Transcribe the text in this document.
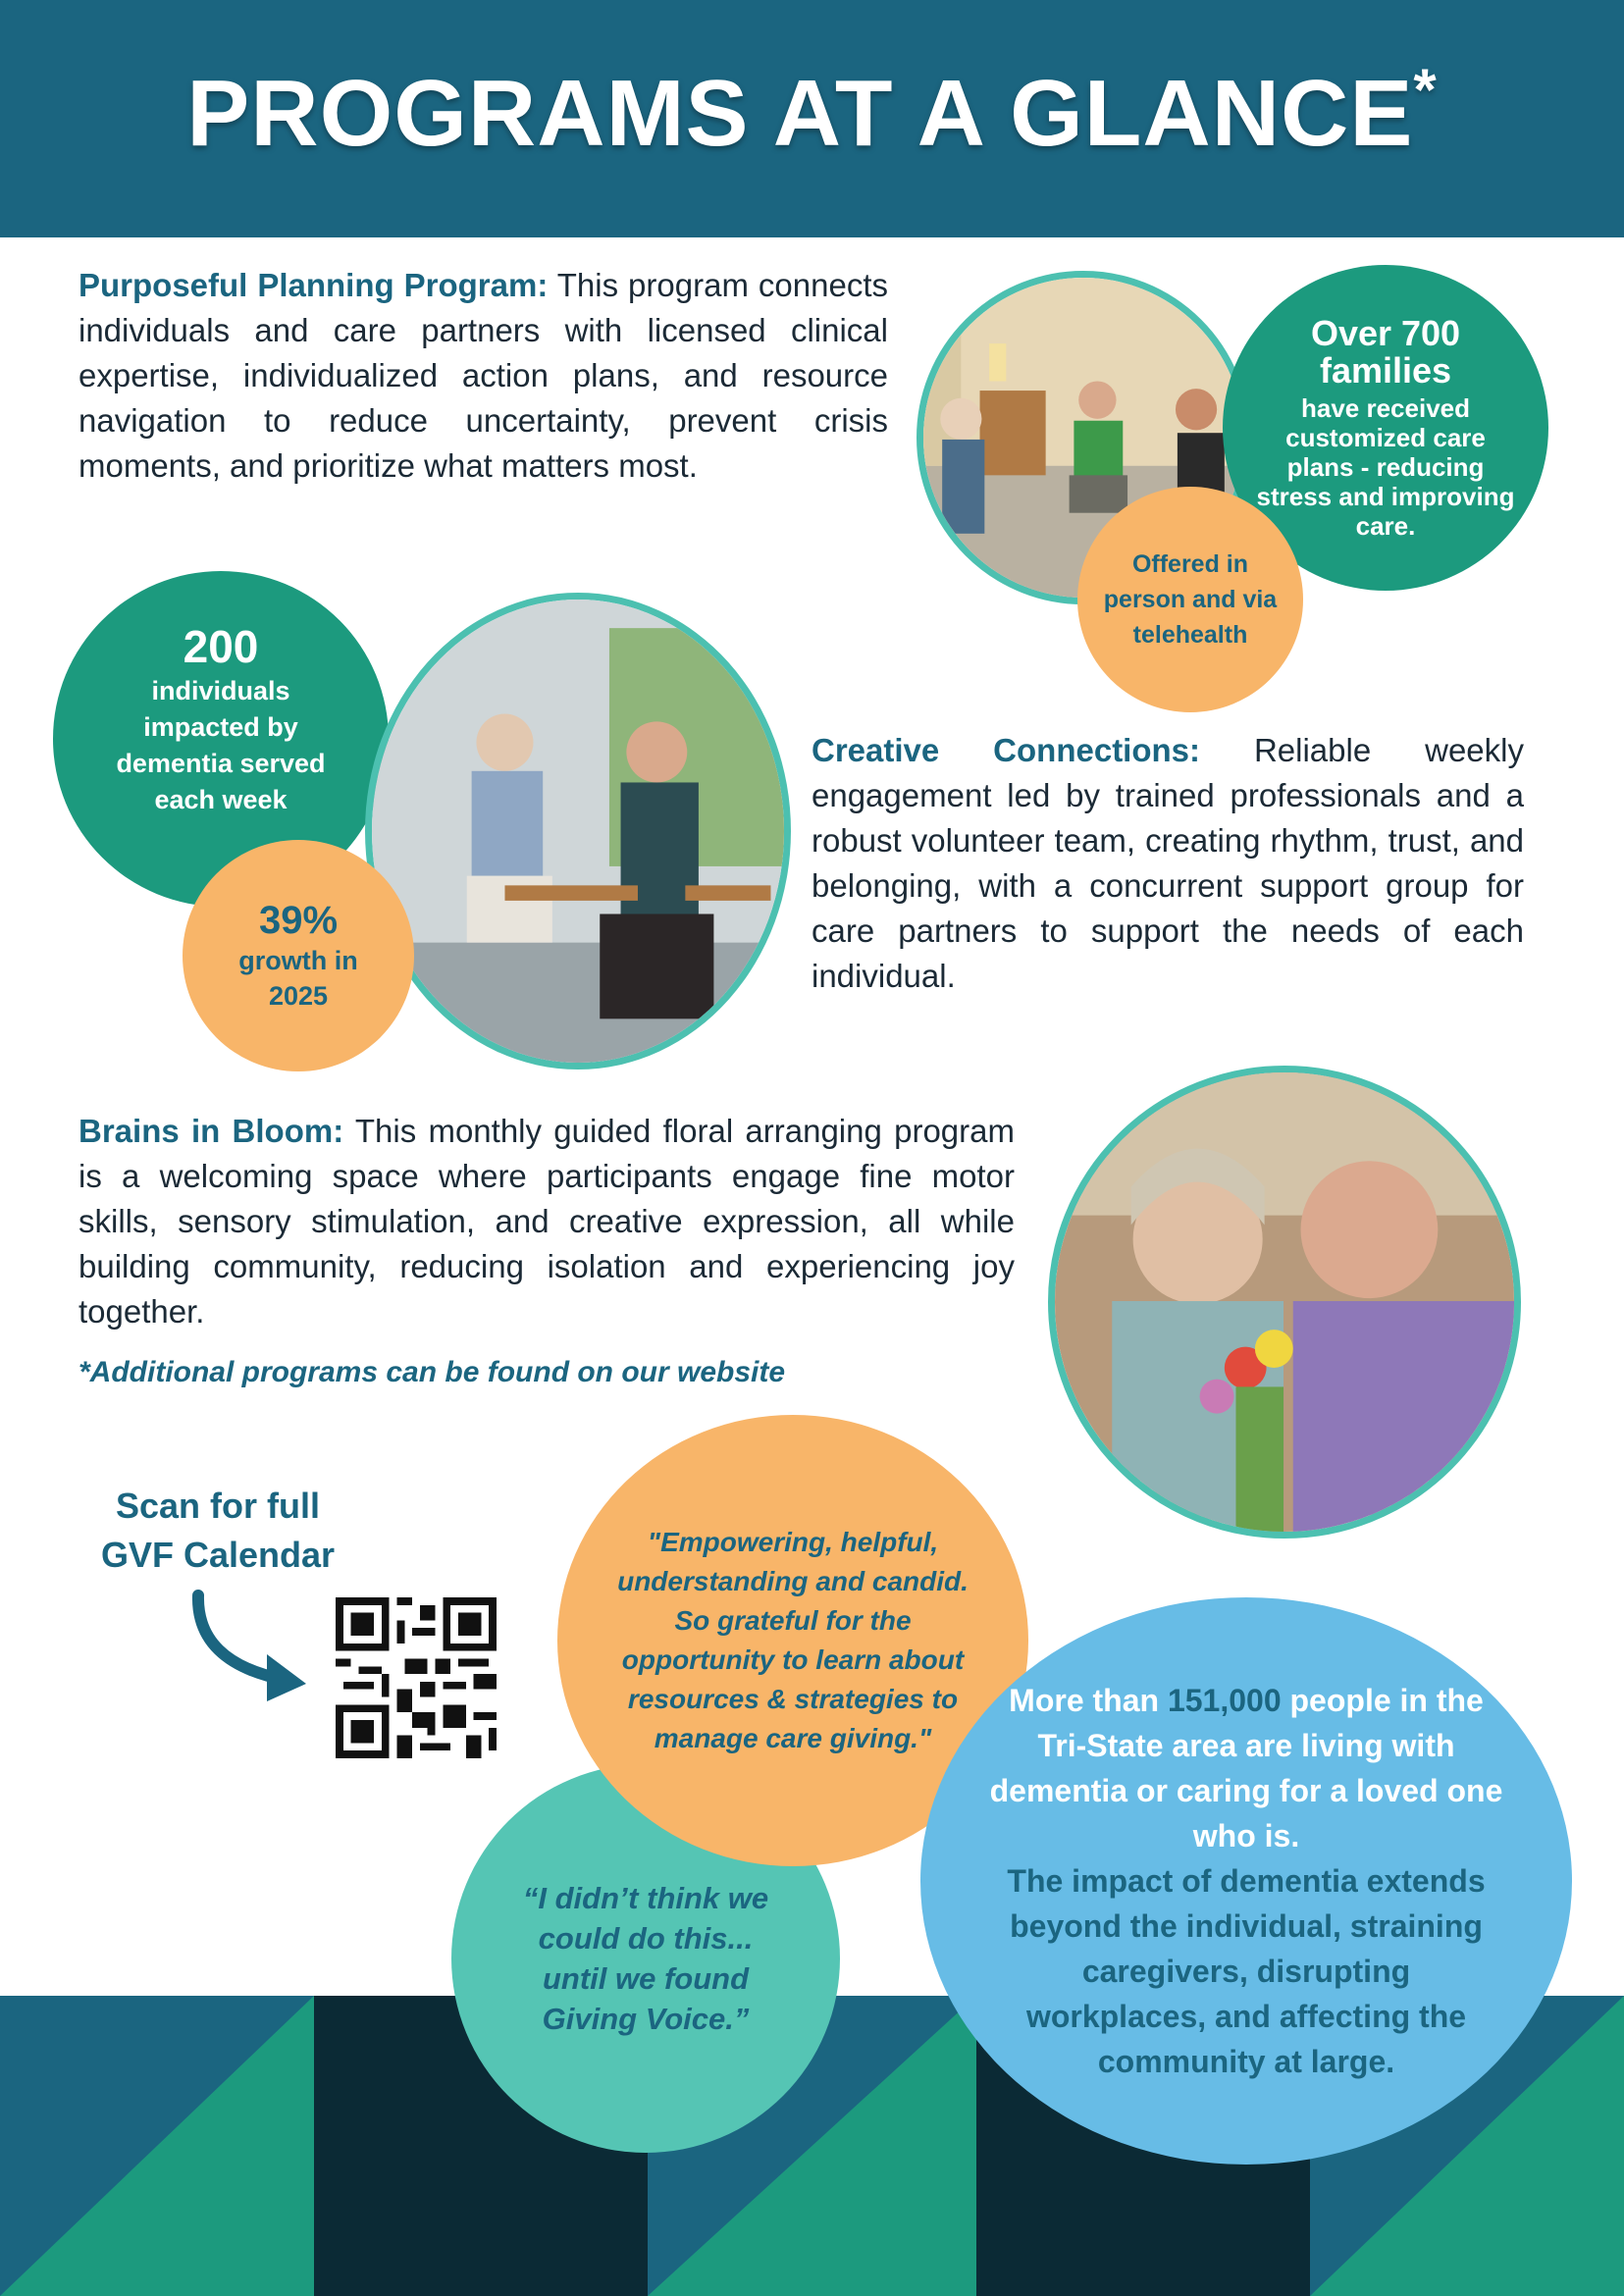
PROGRAMS AT A GLANCE*

Purposeful Planning Program: This program connects individuals and care partners with licensed clinical expertise, individualized action plans, and resource navigation to reduce uncertainty, prevent crisis moments, and prioritize what matters most.

Over 700 families
have received customized care plans - reducing stress and improving care.
Offered in person and via telehealth
200
individuals impacted by dementia served each week
39%
growth in 2025

Creative Connections: Reliable weekly engagement led by trained professionals and a robust volunteer team, creating rhythm, trust, and belonging, with a concurrent support group for care partners to support the needs of each individual.

Brains in Bloom: This monthly guided floral arranging program is a welcoming space where participants engage fine motor skills, sensory stimulation, and creative expression, all while building community, reducing isolation and experiencing joy together.

*Additional programs can be found on our website
Scan for full
GVF Calendar
“I didn’t think we could do this... until we found Giving Voice.”
"Empowering, helpful, understanding and candid. So grateful for the opportunity to learn about resources & strategies to manage care giving."
More than 151,000 people in the Tri-State area are living with dementia or caring for a loved one who is.
The impact of dementia extends beyond the individual, straining caregivers, disrupting workplaces, and affecting the community at large.
